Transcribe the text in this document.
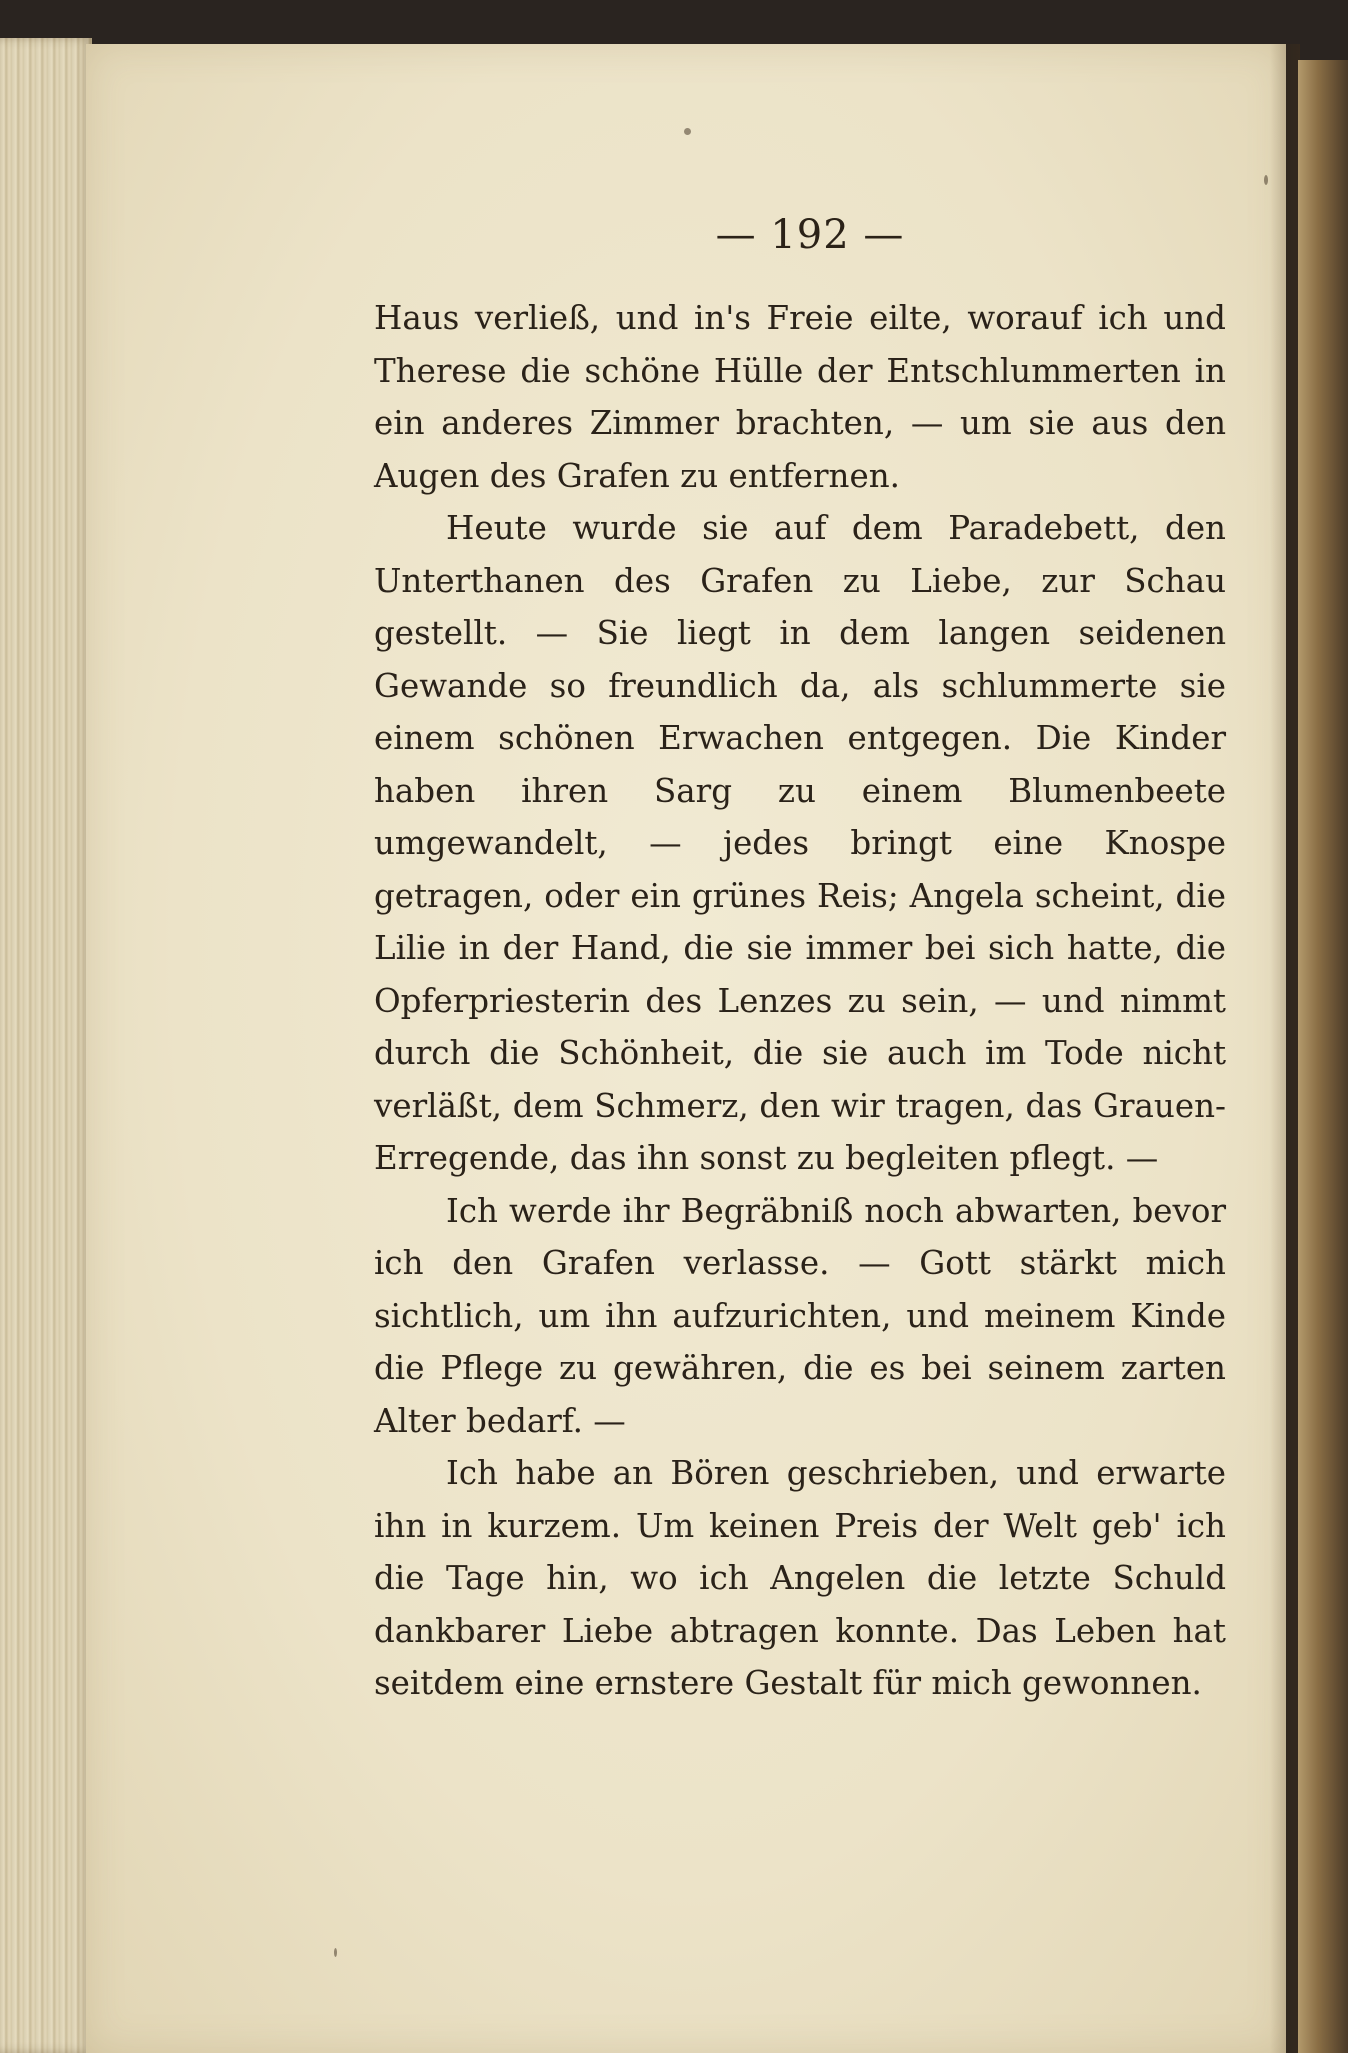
— 192 —

Haus verließ, und in's Freie eilte, worauf ich und Therese die schöne Hülle der Entschlummerten in ein anderes Zimmer brachten, — um sie aus den Augen des Grafen zu entfernen.

Heute wurde sie auf dem Paradebett, den Unterthanen des Grafen zu Liebe, zur Schau gestellt. — Sie liegt in dem langen seidenen Gewande so freundlich da, als schlummerte sie einem schönen Erwachen entgegen. Die Kinder haben ihren Sarg zu einem Blumenbeete umgewandelt, — jedes bringt eine Knospe getragen, oder ein grünes Reis; Angela scheint, die Lilie in der Hand, die sie immer bei sich hatte, die Opferpriesterin des Lenzes zu sein, — und nimmt durch die Schönheit, die sie auch im Tode nicht verläßt, dem Schmerz, den wir tragen, das Grauen-Erregende, das ihn sonst zu begleiten pflegt. —

Ich werde ihr Begräbniß noch abwarten, bevor ich den Grafen verlasse. — Gott stärkt mich sichtlich, um ihn aufzurichten, und meinem Kinde die Pflege zu gewähren, die es bei seinem zarten Alter bedarf. —

Ich habe an Bören geschrieben, und erwarte ihn in kurzem. Um keinen Preis der Welt geb' ich die Tage hin, wo ich Angelen die letzte Schuld dankbarer Liebe abtragen konnte. Das Leben hat seitdem eine ernstere Gestalt für mich gewonnen.
